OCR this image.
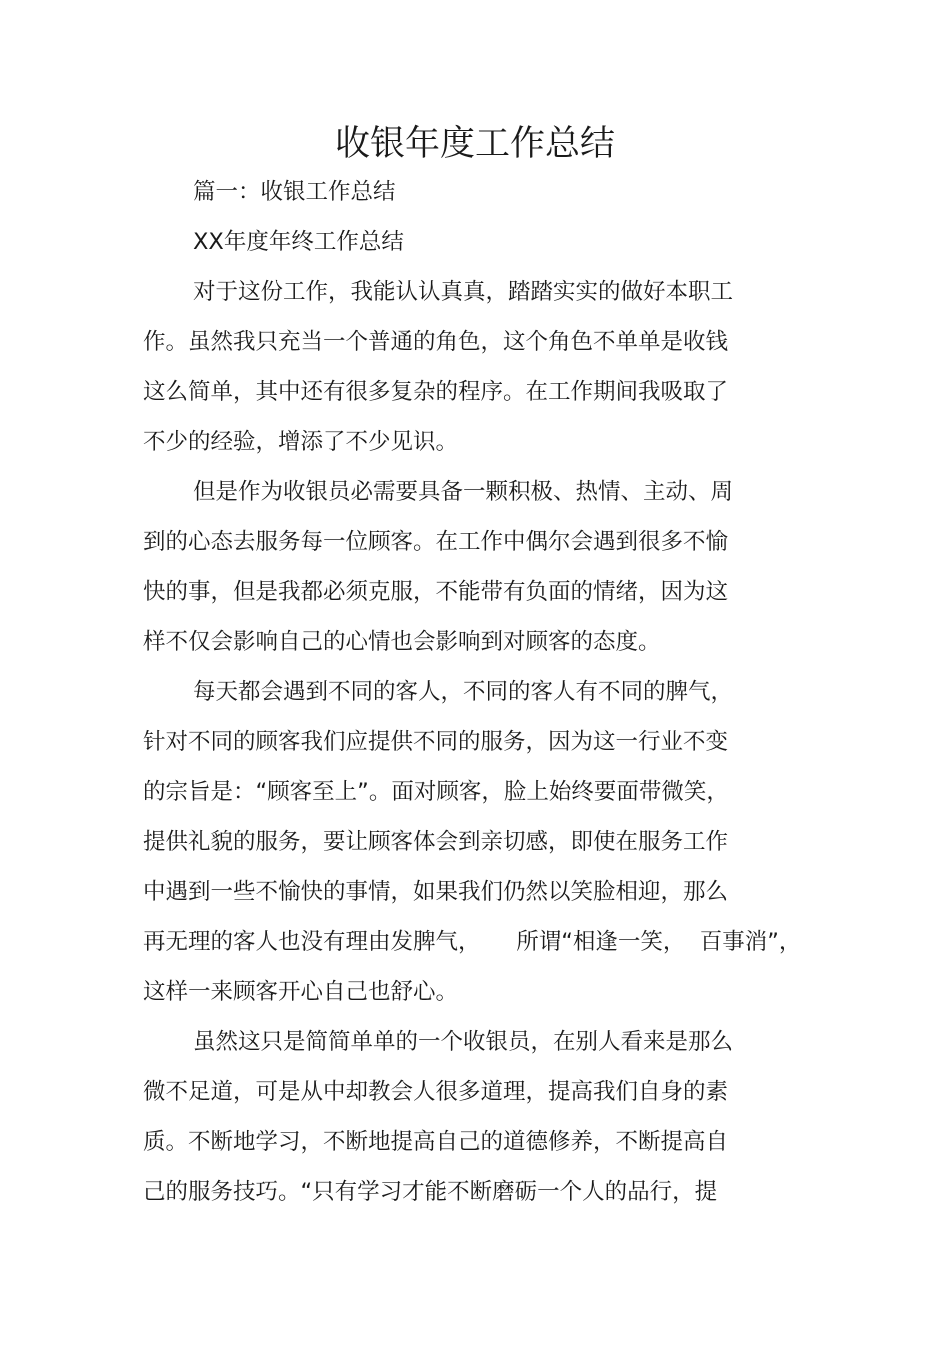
收银年度工作总结
篇一：收银工作总结
XX年度年终工作总结
对于这份工作，我能认认真真，踏踏实实的做好本职工
作。虽然我只充当一个普通的角色，这个角色不单单是收钱
这么简单，其中还有很多复杂的程序。在工作期间我吸取了
不少的经验，增添了不少见识。
但是作为收银员必需要具备一颗积极、热情、主动、周
到的心态去服务每一位顾客。在工作中偶尔会遇到很多不愉
快的事，但是我都必须克服，不能带有负面的情绪，因为这
样不仅会影响自己的心情也会影响到对顾客的态度。
每天都会遇到不同的客人，不同的客人有不同的脾气，
针对不同的顾客我们应提供不同的服务，因为这一行业不变
的宗旨是：“顾客至上”。面对顾客，脸上始终要面带微笑，
提供礼貌的服务，要让顾客体会到亲切感，即使在服务工作
中遇到一些不愉快的事情，如果我们仍然以笑脸相迎，那么
再无理的客人也没有理由发脾气，     所谓“相逢一笑，  百事消”，
这样一来顾客开心自己也舒心。
虽然这只是简简单单的一个收银员，在别人看来是那么
微不足道，可是从中却教会人很多道理，提高我们自身的素
质。不断地学习，不断地提高自己的道德修养，不断提高自
己的服务技巧。“只有学习才能不断磨砺一个人的品行，提
